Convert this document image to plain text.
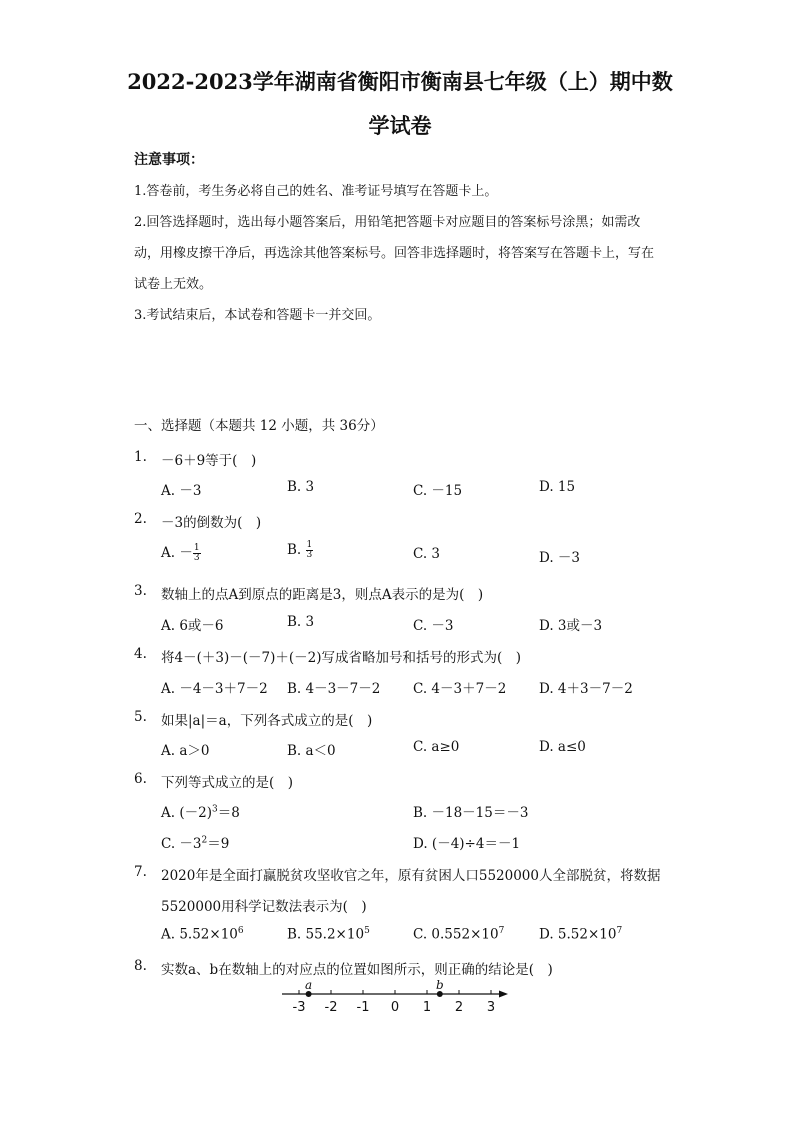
2022-2023学年湖南省衡阳市衡南县七年级（上）期中数
学试卷
注意事项：
1.答卷前，考生务必将自己的姓名、准考证号填写在答题卡上。
2.回答选择题时，选出每小题答案后，用铅笔把答题卡对应题目的答案标号涂黑；如需改动，用橡皮擦干净后，再选涂其他答案标号。回答非选择题时，将答案写在答题卡上，写在试卷上无效。
3.考试结束后，本试卷和答题卡一并交回。
一、选择题（本题共 12 小题，共 36分）
1. －6＋9等于(　)
A. －3	B. 3	C. －15	D. 15
2. －3的倒数为(　)
A. － $\frac{1}{3}$	B. $\frac{1}{3}$	C. 3	D. －3
3. 数轴上的点A到原点的距离是3，则点A表示的是为(　)
A. 6或－6	B. 3	C. －3	D. 3或－3
4. 将4－(＋3)－(－7)＋(－2)写成省略加号和括号的形式为(　)
A. －4－3＋7－2 B. 4－3－7－2 C. 4－3＋7－2 D. 4＋3－7－2
5. 如果|a|＝a，下列各式成立的是(　)
A. a＞0	B. a＜0	C. a≥0	D. a≤0
6. 下列等式成立的是(　)
A. $(-2)^3=8$	B. －18－15＝－3
C. $-3^2=9$	D. (－4)÷4＝－1
7. 2020年是全面打赢脱贫攻坚收官之年，原有贫困人口5520000人全部脱贫，将数据
5520000用科学记数法表示为(　)
A. $5.52\times 10^6$	B. $55.2\times 10^5$	C. $0.552\times 10^7$	D. $5.52\times 10^7$
8. 实数a、b在数轴上的对应点的位置如图所示，则正确的结论是(　)
-3 -2 -1 0 1 2 3
a	b
